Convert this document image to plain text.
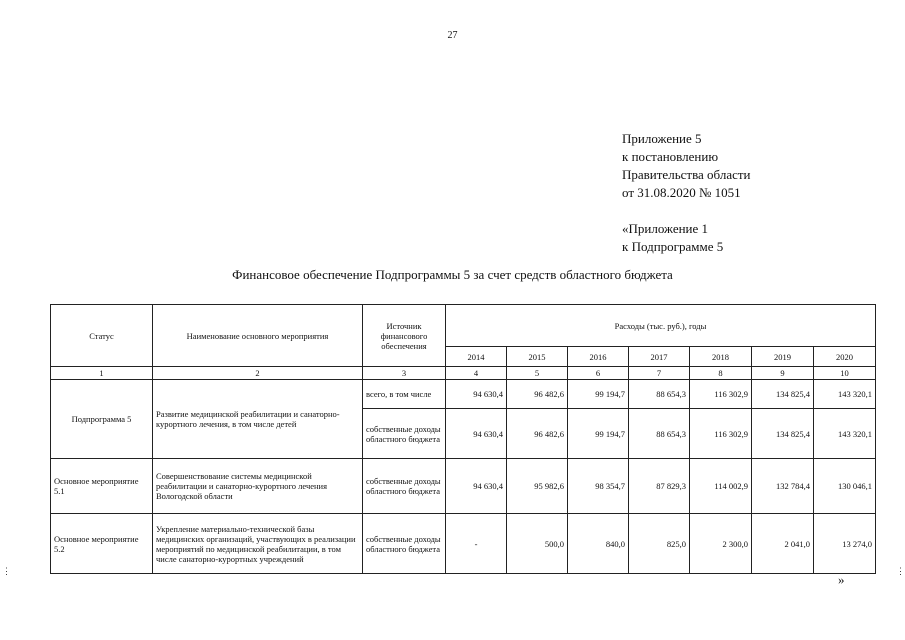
27
Приложение 5
к постановлению
Правительства области
от 31.08.2020 № 1051
«Приложение 1
к Подпрограмме 5
Финансовое обеспечение Подпрограммы 5 за счет средств областного бюджета
Статус	Наименование основного мероприятия	Источник финансового обеспечения	Расходы (тыс. руб.), годы						
			2014	2015	2016	2017	2018	2019	2020
1	2	3	4	5	6	7	8	9	10
Подпрограмма 5	Развитие медицинской реабилитации и санаторно-курортного лечения, в том числе детей	всего, в том числе	94 630,4	96 482,6	99 194,7	88 654,3	116 302,9	134 825,4	143 320,1
		собственные доходы областного бюджета	94 630,4	96 482,6	99 194,7	88 654,3	116 302,9	134 825,4	143 320,1
Основное мероприятие 5.1	Совершенствование системы медицинской реабилитации и санаторно-курортного лечения Вологодской области	собственные доходы областного бюджета	94 630,4	95 982,6	98 354,7	87 829,3	114 002,9	132 784,4	130 046,1
Основное мероприятие 5.2	Укрепление материально-технической базы медицинских организаций, участвующих в реализации мероприятий по медицинской реабилитации, в том числе санаторно-курортных учреждений	собственные доходы областного бюджета	-	500,0	840,0	825,0	2 300,0	2 041,0	13 274,0
»
⋮	⋮
